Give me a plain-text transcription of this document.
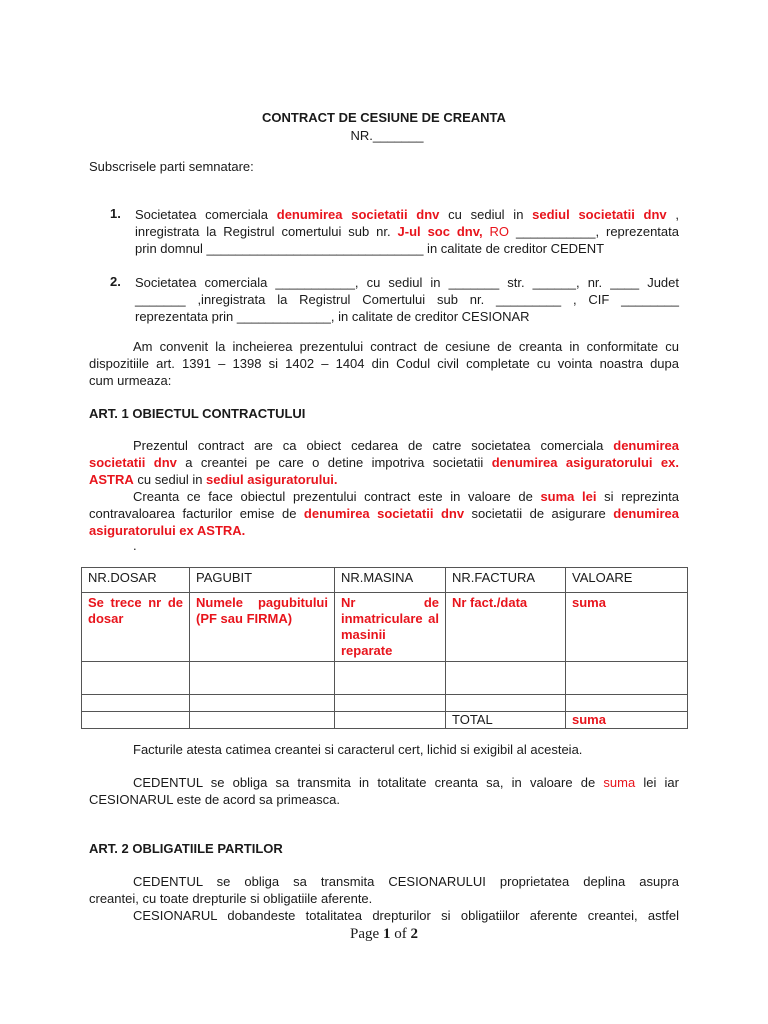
CONTRACT DE CESIUNE DE CREANTA
NR._______
Subscrisele parti semnatare:
1. Societatea comerciala denumirea societatii dnv cu sediul in sediul societatii dnv ,
inregistrata la Registrul comertului sub nr. J-ul soc dnv, RO ___________, reprezentata
prin domnul ______________________________ in calitate de creditor CEDENT
2. Societatea comerciala ___________, cu sediul in _______ str. ______, nr. ____ Judet
_______ ,inregistrata la Registrul Comertului sub nr. _________ , CIF ________
reprezentata prin _____________, in calitate de creditor CESIONAR
Am convenit la incheierea prezentului contract de cesiune de creanta in conformitate cu
dispozitiile art. 1391 – 1398 si 1402 – 1404 din Codul civil completate cu vointa noastra dupa
cum urmeaza:
ART. 1 OBIECTUL CONTRACTULUI
Prezentul contract are ca obiect cedarea de catre societatea comerciala denumirea
societatii dnv a creantei pe care o detine impotriva societatii denumirea asiguratorului ex.
ASTRA cu sediul in sediul asiguratorului.
Creanta ce face obiectul prezentului contract este in valoare de suma lei si reprezinta
contravaloarea facturilor emise de denumirea societatii dnv societatii de asigurare denumirea
asiguratorului ex ASTRA.
.
NR.DOSAR	PAGUBIT	NR.MASINA	NR.FACTURA	VALOARE
Se trece nr de dosar	Numele pagubitului (PF sau FIRMA)	Nr de inmatriculare al masinii reparate	Nr fact./data	suma

			TOTAL	suma
Facturile atesta catimea creantei si caracterul cert, lichid si exigibil al acesteia.
CEDENTUL se obliga sa transmita in totalitate creanta sa, in valoare de suma lei iar
CESIONARUL este de acord sa primeasca.
ART. 2 OBLIGATIILE PARTILOR
CEDENTUL se obliga sa transmita CESIONARULUI proprietatea deplina asupra
creantei, cu toate drepturile si obligatiile aferente.
CESIONARUL dobandeste totalitatea drepturilor si obligatiilor aferente creantei, astfel
Page 1 of 2
